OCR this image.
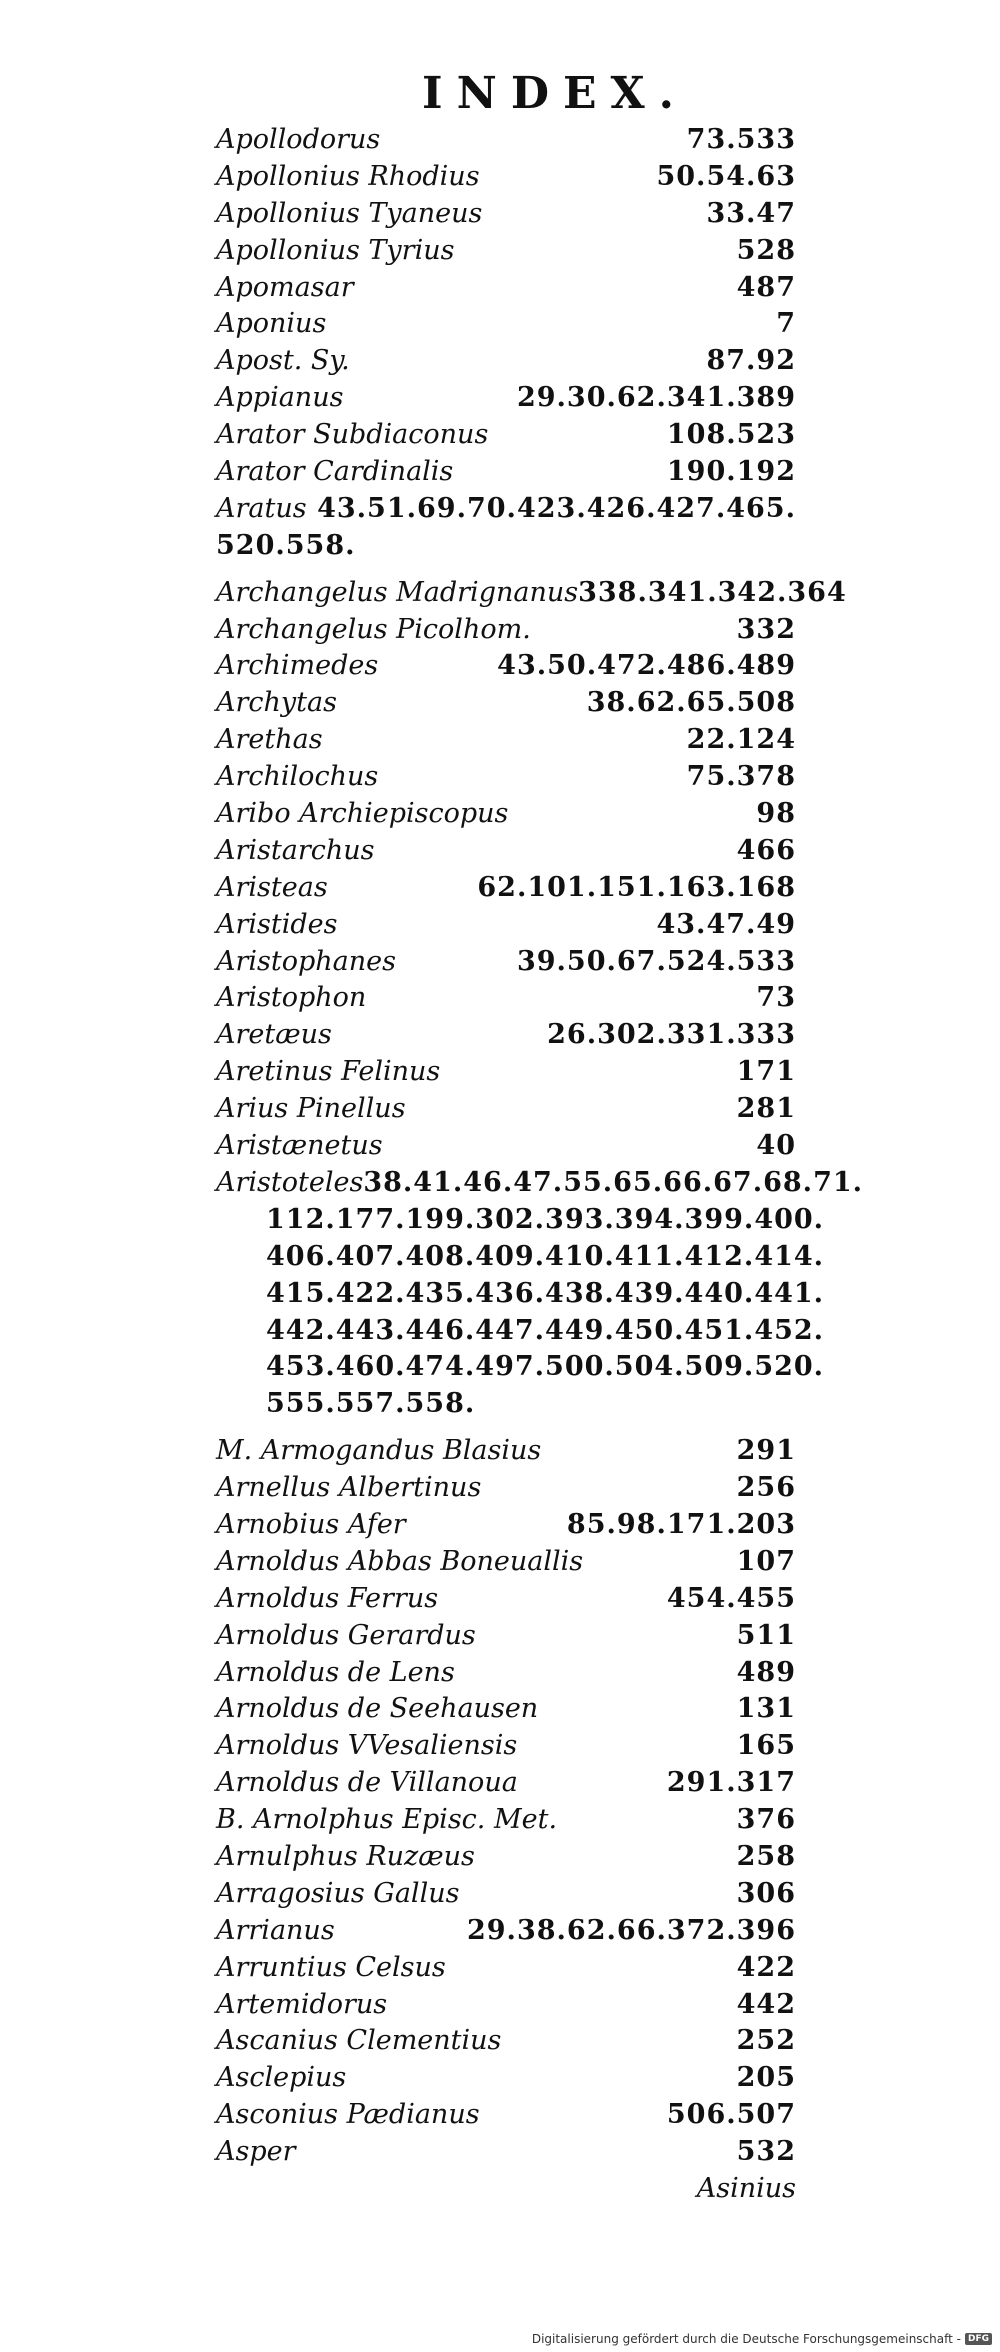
INDEX.
Apollodorus	73.533
Apollonius Rhodius	50.54.63
Apollonius Tyaneus	33.47
Apollonius Tyrius	528
Apomasar	487
Aponius	7
Apost. Sy.	87.92
Appianus	29.30.62.341.389
Arator Subdiaconus	108.523
Arator Cardinalis	190.192
Aratus 43.51.69.70.423.426.427.465.
520.558.
Archangelus Madrignanus 338.341.342.364
Archangelus Picolhom.	332
Archimedes	43.50.472.486.489
Archytas	38.62.65.508
Arethas	22.124
Archilochus	75.378
Aribo Archiepiscopus	98
Aristarchus	466
Aristeas	62.101.151.163.168
Aristides	43.47.49
Aristophanes	39.50.67.524.533
Aristophon	73
Aretæus	26.302.331.333
Aretinus Felinus	171
Arius Pinellus	281
Aristænetus	40
Aristoteles 38.41.46.47.55.65.66.67.68.71.
112.177.199.302.393.394.399.400.
406.407.408.409.410.411.412.414.
415.422.435.436.438.439.440.441.
442.443.446.447.449.450.451.452.
453.460.474.497.500.504.509.520.
555.557.558.
M. Armogandus Blasius	291
Arnellus Albertinus	256
Arnobius Afer	85.98.171.203
Arnoldus Abbas Boneuallis	107
Arnoldus Ferrus	454.455
Arnoldus Gerardus	511
Arnoldus de Lens	489
Arnoldus de Seehausen	131
Arnoldus VVesaliensis	165
Arnoldus de Villanoua	291.317
B. Arnolphus Episc. Met.	376
Arnulphus Ruzæus	258
Arragosius Gallus	306
Arrianus	29.38.62.66.372.396
Arruntius Celsus	422
Artemidorus	442
Ascanius Clementius	252
Asclepius	205
Asconius Pædianus	506.507
Asper	532
Asinius
Digitalisierung gefördert durch die Deutsche Forschungsgemeinschaft - DFG
